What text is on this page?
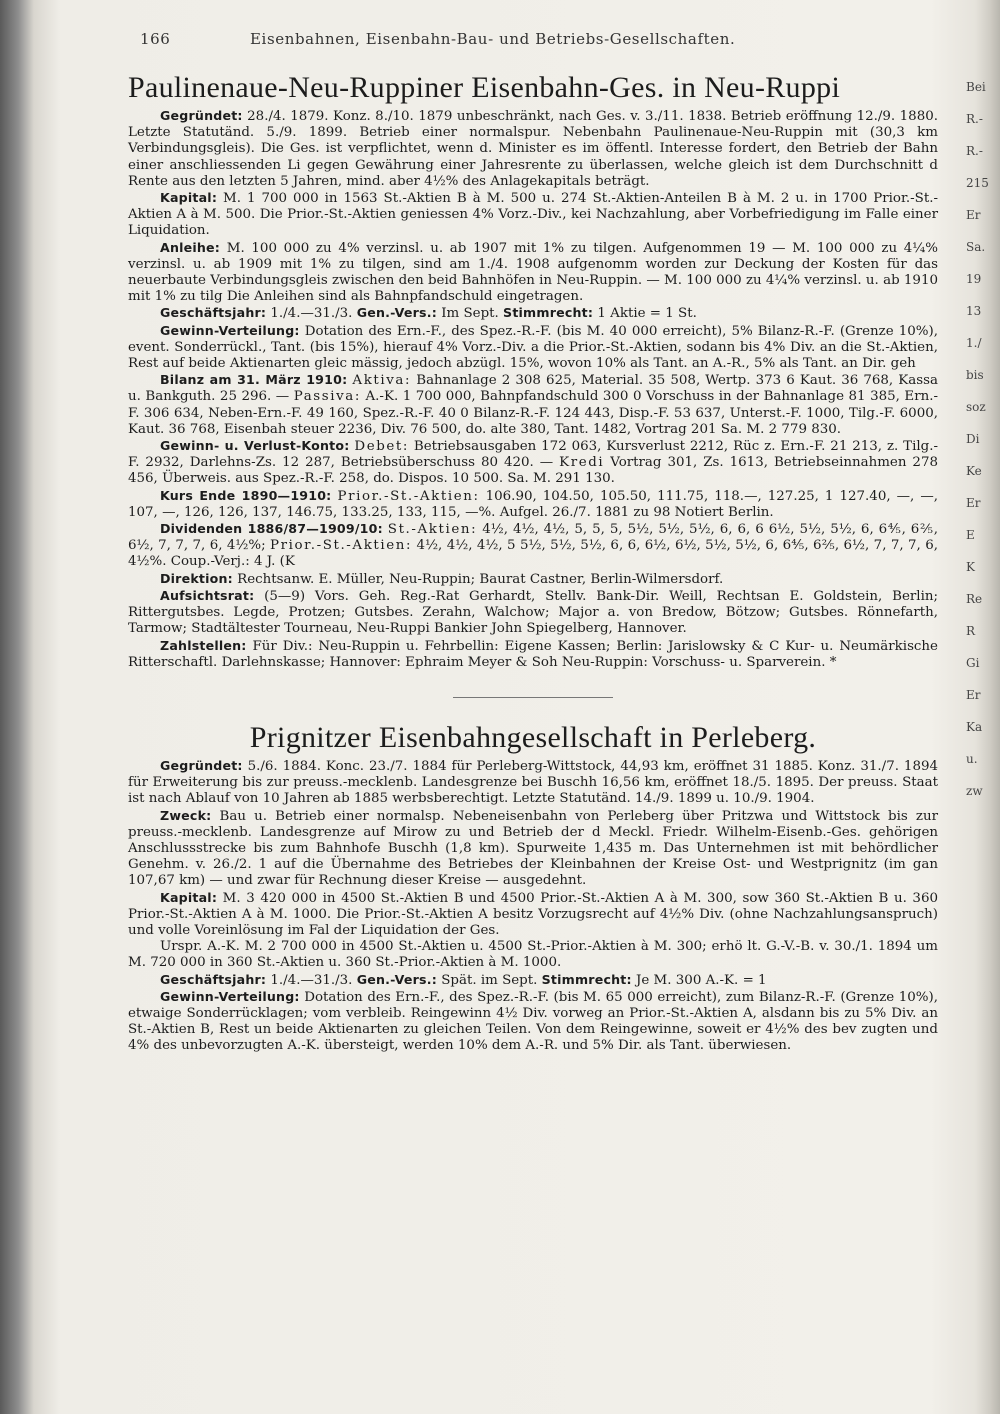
166	Eisenbahnen, Eisenbahn-Bau- und Betriebs-Gesellschaften.
Bei
R.-
R.-
215
Er
Sa.
19
13
1./
bis
soz
Di
Ke
Er
E
K
Re
R
Gi
Er
Ka
u.
zw
Paulinenaue-Neu-Ruppiner Eisenbahn-Ges. in Neu-Ruppi

Gegründet: 28./4. 1879. Konz. 8./10. 1879 unbeschränkt, nach Ges. v. 3./11. 1838. Betrieb eröffnung 12./9. 1880. Letzte Statutänd. 5./9. 1899. Betrieb einer normalspur. Nebenbahn Paulinenaue-Neu-Ruppin mit (30,3 km Verbindungsgleis). Die Ges. ist verpflichtet, wenn d. Minister es im öffentl. Interesse fordert, den Betrieb der Bahn einer anschliessenden Li gegen Gewährung einer Jahresrente zu überlassen, welche gleich ist dem Durchschnitt d Rente aus den letzten 5 Jahren, mind. aber 4½% des Anlagekapitals beträgt.

Kapital: M. 1 700 000 in 1563 St.-Aktien B à M. 500 u. 274 St.-Aktien-Anteilen B à M. 2 u. in 1700 Prior.-St.-Aktien A à M. 500. Die Prior.-St.-Aktien geniessen 4% Vorz.-Div., kei Nachzahlung, aber Vorbefriedigung im Falle einer Liquidation.

Anleihe: M. 100 000 zu 4% verzinsl. u. ab 1907 mit 1% zu tilgen. Aufgenommen 19 — M. 100 000 zu 4¼% verzinsl. u. ab 1909 mit 1% zu tilgen, sind am 1./4. 1908 aufgenomm worden zur Deckung der Kosten für das neuerbaute Verbindungsgleis zwischen den beid Bahnhöfen in Neu-Ruppin. — M. 100 000 zu 4¼% verzinsl. u. ab 1910 mit 1% zu tilg Die Anleihen sind als Bahnpfandschuld eingetragen.

Geschäftsjahr: 1./4.—31./3. Gen.-Vers.: Im Sept. Stimmrecht: 1 Aktie = 1 St.

Gewinn-Verteilung: Dotation des Ern.-F., des Spez.-R.-F. (bis M. 40 000 erreicht), 5% Bilanz-R.-F. (Grenze 10%), event. Sonderrückl., Tant. (bis 15%), hierauf 4% Vorz.-Div. a die Prior.-St.-Aktien, sodann bis 4% Div. an die St.-Aktien, Rest auf beide Aktienarten gleic mässig, jedoch abzügl. 15%, wovon 10% als Tant. an A.-R., 5% als Tant. an Dir. geh

Bilanz am 31. März 1910: Aktiva: Bahnanlage 2 308 625, Material. 35 508, Wertp. 373 6 Kaut. 36 768, Kassa u. Bankguth. 25 296. — Passiva: A.-K. 1 700 000, Bahnpfandschuld 300 0 Vorschuss in der Bahnanlage 81 385, Ern.-F. 306 634, Neben-Ern.-F. 49 160, Spez.-R.-F. 40 0 Bilanz-R.-F. 124 443, Disp.-F. 53 637, Unterst.-F. 1000, Tilg.-F. 6000, Kaut. 36 768, Eisenbah steuer 2236, Div. 76 500, do. alte 380, Tant. 1482, Vortrag 201 Sa. M. 2 779 830.

Gewinn- u. Verlust-Konto: Debet: Betriebsausgaben 172 063, Kursverlust 2212, Rüc z. Ern.-F. 21 213, z. Tilg.-F. 2932, Darlehns-Zs. 12 287, Betriebsüberschuss 80 420. — Kredi Vortrag 301, Zs. 1613, Betriebseinnahmen 278 456, Überweis. aus Spez.-R.-F. 258, do. Dispos. 10 500. Sa. M. 291 130.

Kurs Ende 1890—1910: Prior.-St.-Aktien: 106.90, 104.50, 105.50, 111.75, 118.—, 127.25, 1 127.40, —, —, 107, —, 126, 126, 137, 146.75, 133.25, 133, 115, —%. Aufgel. 26./7. 1881 zu 98 Notiert Berlin.

Dividenden 1886/87—1909/10: St.-Aktien: 4½, 4½, 4½, 5, 5, 5, 5½, 5½, 5½, 6, 6, 6 6½, 5½, 5½, 6, 6⅘, 6⅖, 6½, 7, 7, 7, 6, 4½%; Prior.-St.-Aktien: 4½, 4½, 4½, 5 5½, 5½, 5½, 6, 6, 6½, 6½, 5½, 5½, 6, 6⅘, 6⅖, 6½, 7, 7, 7, 6, 4½%. Coup.-Verj.: 4 J. (K

Direktion: Rechtsanw. E. Müller, Neu-Ruppin; Baurat Castner, Berlin-Wilmersdorf.

Aufsichtsrat: (5—9) Vors. Geh. Reg.-Rat Gerhardt, Stellv. Bank-Dir. Weill, Rechtsan E. Goldstein, Berlin; Rittergutsbes. Legde, Protzen; Gutsbes. Zerahn, Walchow; Major a. von Bredow, Bötzow; Gutsbes. Rönnefarth, Tarmow; Stadtältester Tourneau, Neu-Ruppi Bankier John Spiegelberg, Hannover.

Zahlstellen: Für Div.: Neu-Ruppin u. Fehrbellin: Eigene Kassen; Berlin: Jarislowsky & C Kur- u. Neumärkische Ritterschaftl. Darlehnskasse; Hannover: Ephraim Meyer & Soh Neu-Ruppin: Vorschuss- u. Sparverein. *

Prignitzer Eisenbahngesellschaft in Perleberg.

Gegründet: 5./6. 1884. Konc. 23./7. 1884 für Perleberg-Wittstock, 44,93 km, eröffnet 31 1885. Konz. 31./7. 1894 für Erweiterung bis zur preuss.-mecklenb. Landesgrenze bei Buschh 16,56 km, eröffnet 18./5. 1895. Der preuss. Staat ist nach Ablauf von 10 Jahren ab 1885 werbsberechtigt. Letzte Statutänd. 14./9. 1899 u. 10./9. 1904.

Zweck: Bau u. Betrieb einer normalsp. Nebeneisenbahn von Perleberg über Pritzwa und Wittstock bis zur preuss.-mecklenb. Landesgrenze auf Mirow zu und Betrieb der d Meckl. Friedr. Wilhelm-Eisenb.-Ges. gehörigen Anschlussstrecke bis zum Bahnhofe Buschh (1,8 km). Spurweite 1,435 m. Das Unternehmen ist mit behördlicher Genehm. v. 26./2. 1 auf die Übernahme des Betriebes der Kleinbahnen der Kreise Ost- und Westprignitz (im gan 107,67 km) — und zwar für Rechnung dieser Kreise — ausgedehnt.

Kapital: M. 3 420 000 in 4500 St.-Aktien B und 4500 Prior.-St.-Aktien A à M. 300, sow 360 St.-Aktien B u. 360 Prior.-St.-Aktien A à M. 1000. Die Prior.-St.-Aktien A besitz Vorzugsrecht auf 4½% Div. (ohne Nachzahlungsanspruch) und volle Voreinlösung im Fal der Liquidation der Ges.

Urspr. A.-K. M. 2 700 000 in 4500 St.-Aktien u. 4500 St.-Prior.-Aktien à M. 300; erhö lt. G.-V.-B. v. 30./1. 1894 um M. 720 000 in 360 St.-Aktien u. 360 St.-Prior.-Aktien à M. 1000.

Geschäftsjahr: 1./4.—31./3. Gen.-Vers.: Spät. im Sept. Stimmrecht: Je M. 300 A.-K. = 1

Gewinn-Verteilung: Dotation des Ern.-F., des Spez.-R.-F. (bis M. 65 000 erreicht), zum Bilanz-R.-F. (Grenze 10%), etwaige Sonderrücklagen; vom verbleib. Reingewinn 4½ Div. vorweg an Prior.-St.-Aktien A, alsdann bis zu 5% Div. an St.-Aktien B, Rest un beide Aktienarten zu gleichen Teilen. Von dem Reingewinne, soweit er 4½% des bev zugten und 4% des unbevorzugten A.-K. übersteigt, werden 10% dem A.-R. und 5% Dir. als Tant. überwiesen.
